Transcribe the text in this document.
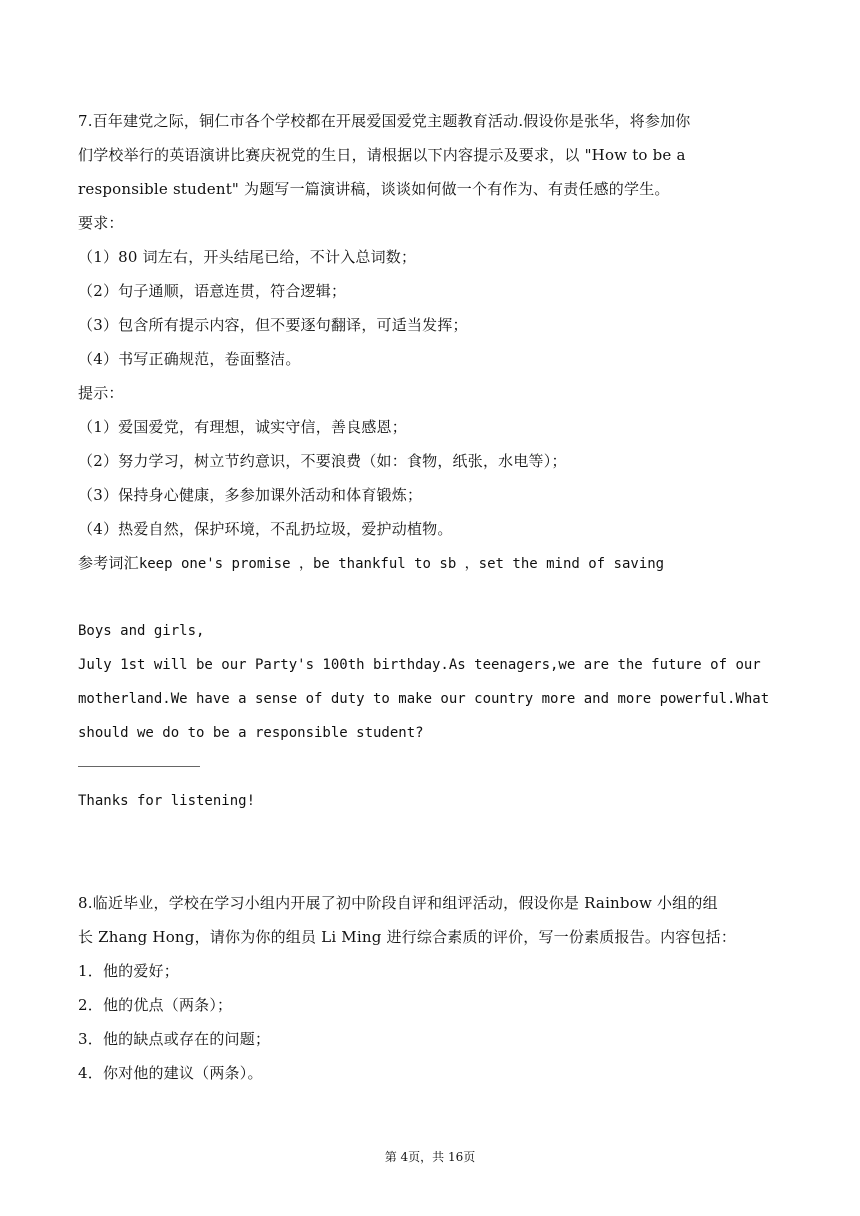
7.百年建党之际，铜仁市各个学校都在开展爱国爱党主题教育活动.假设你是张华，将参加你
们学校举行的英语演讲比赛庆祝党的生日，请根据以下内容提示及要求，以 "How to be a
responsible student" 为题写一篇演讲稿，谈谈如何做一个有作为、有责任感的学生。
要求：
（1）80 词左右，开头结尾已给，不计入总词数；
（2）句子通顺，语意连贯，符合逻辑；
（3）包含所有提示内容，但不要逐句翻译，可适当发挥；
（4）书写正确规范，卷面整洁。
提示：
（1）爱国爱党，有理想，诚实守信，善良感恩；
（2）努力学习，树立节约意识，不要浪费（如：食物，纸张，水电等）；
（3）保持身心健康，多参加课外活动和体育锻炼；
（4）热爱自然，保护环境，不乱扔垃圾，爱护动植物。
参考词汇keep one's promise ，be thankful to sb ，set the mind of saving
Boys and girls,
July 1st will be our Party's 100th birthday.As teenagers,we are the future of our
motherland.We have a sense of duty to make our country more and more powerful.What
should we do to be a responsible student?
Thanks for listening!
8.临近毕业，学校在学习小组内开展了初中阶段自评和组评活动，假设你是 Rainbow 小组的组
长 Zhang Hong，请你为你的组员 Li Ming 进行综合素质的评价，写一份素质报告。内容包括：
1．他的爱好；
2．他的优点（两条）；
3．他的缺点或存在的问题；
4．你对他的建议（两条）。
第 4页，共 16页
